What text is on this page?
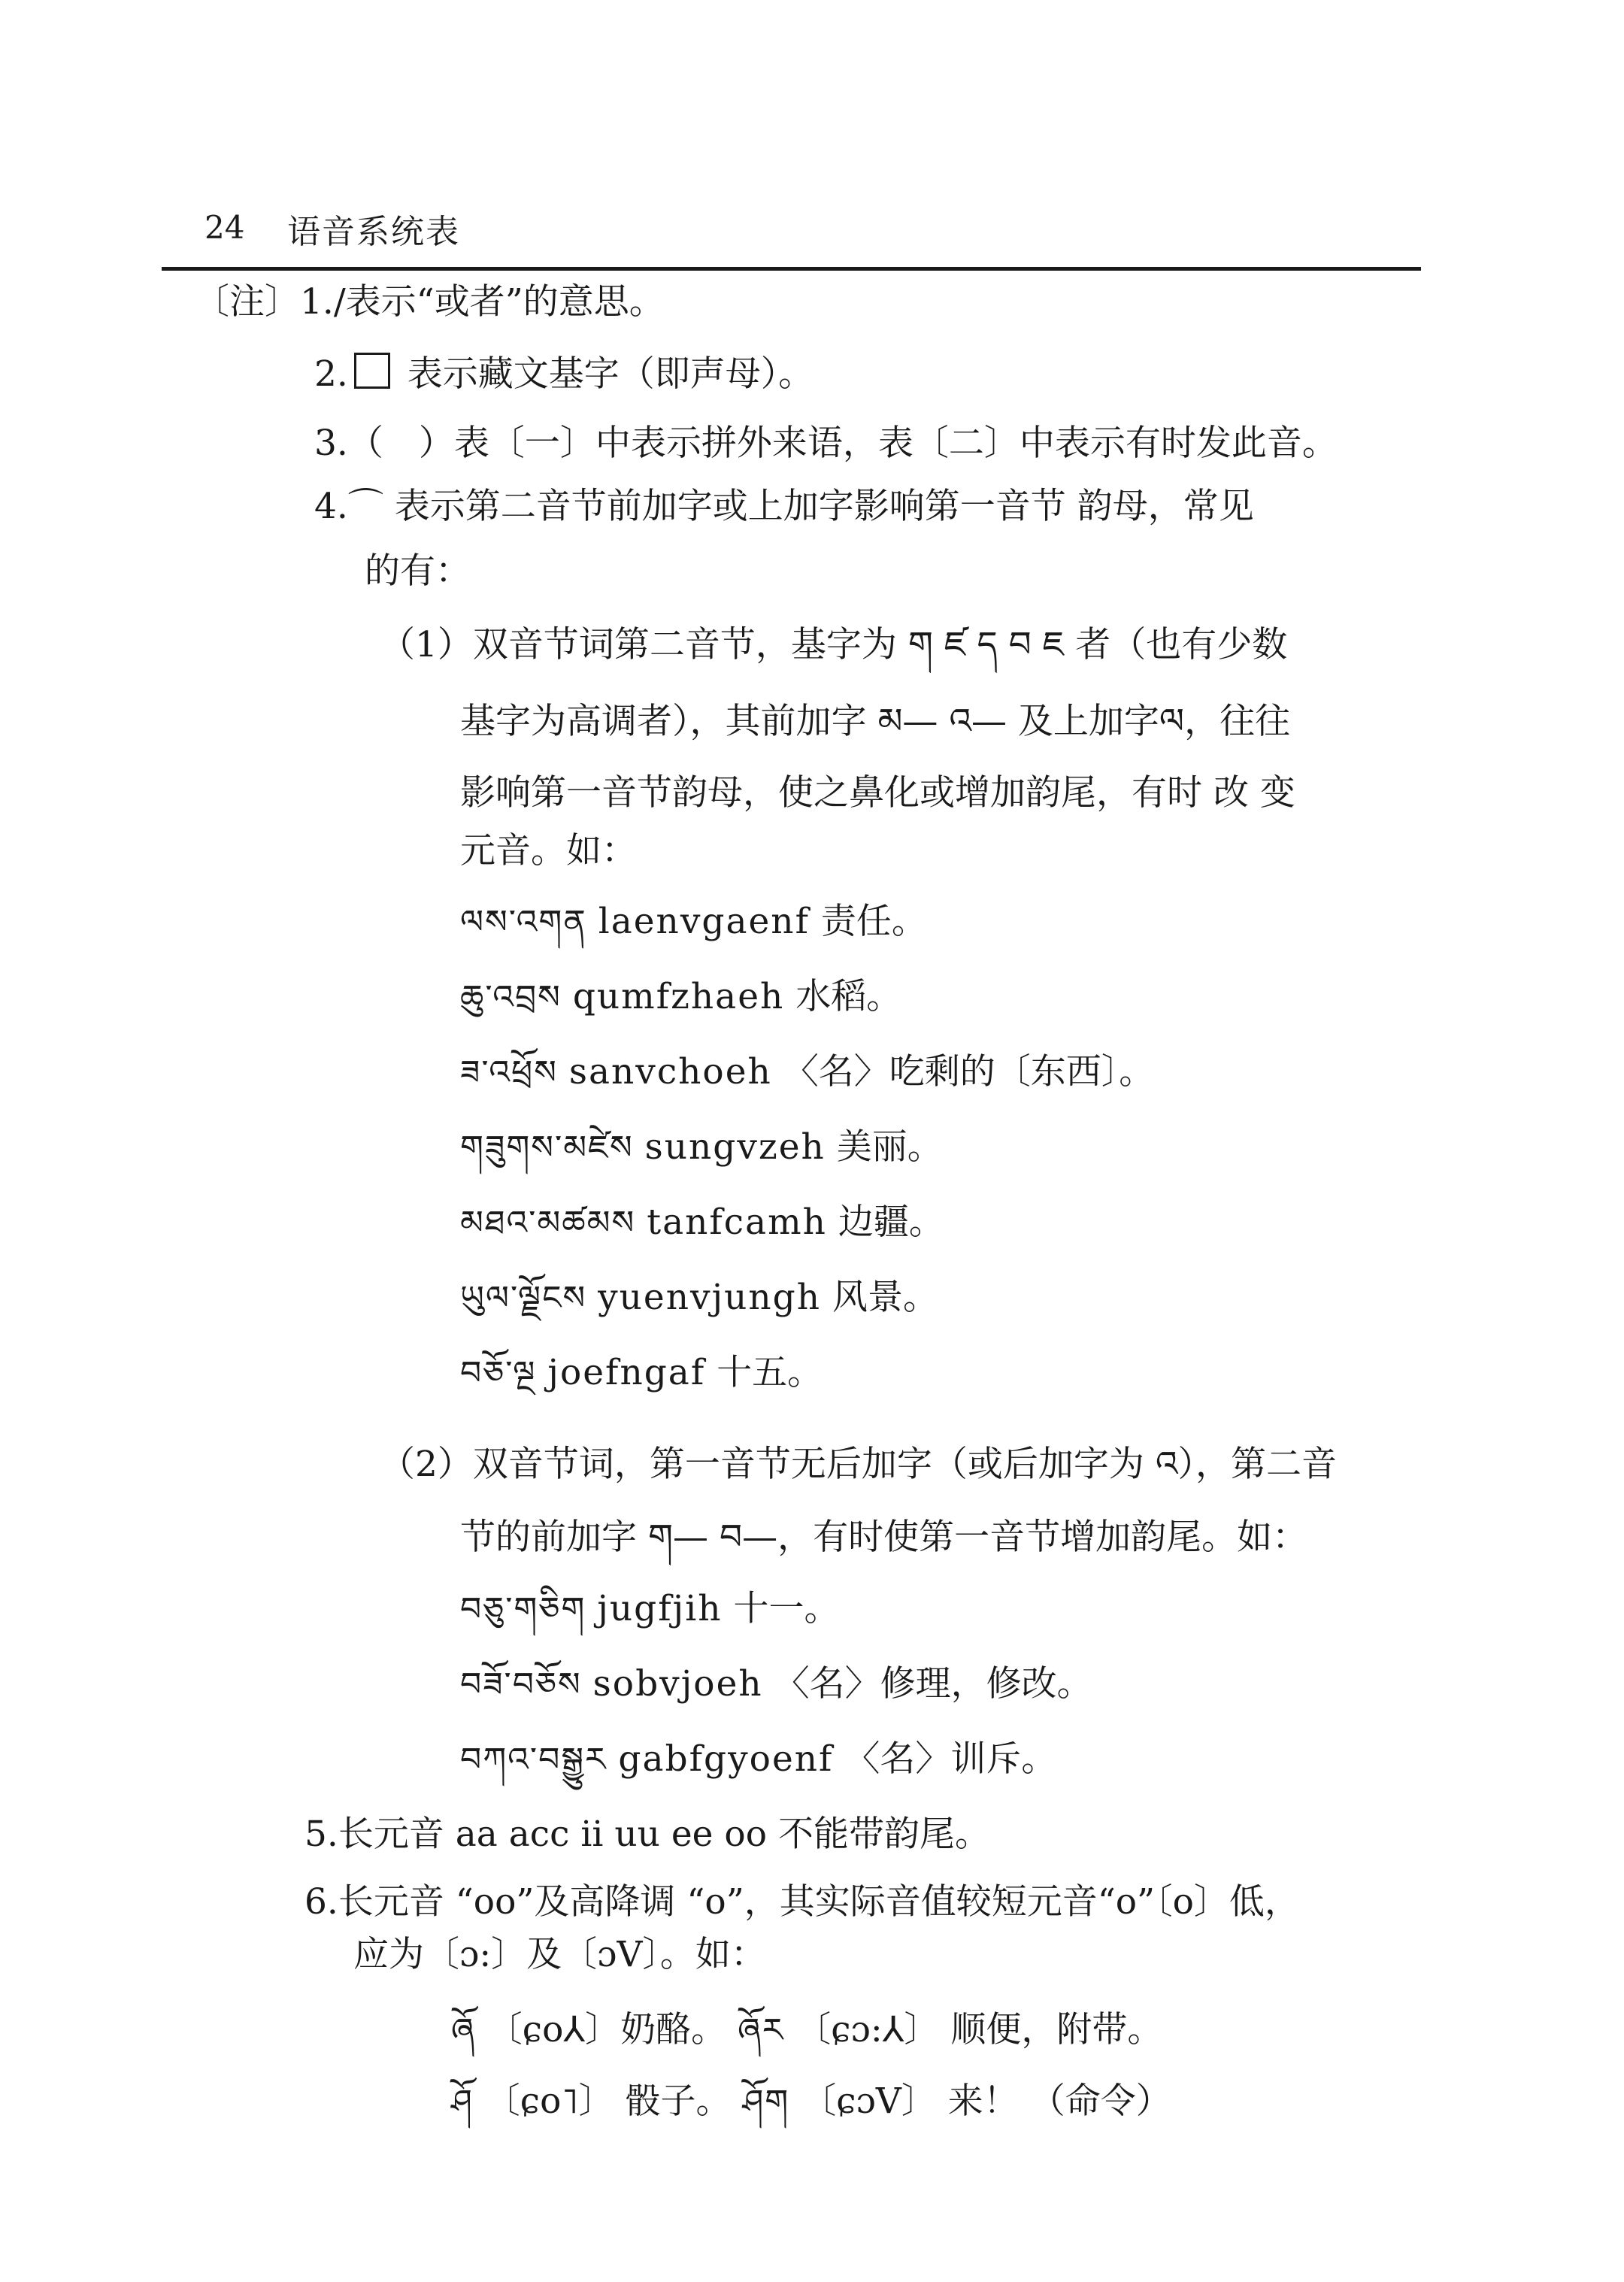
24 语音系统表
〔注〕1./表示“或者”的意思。
2. 表示藏文基字（即声母）。
3.（　）表〔一〕中表示拼外来语，表〔二〕中表示有时发此音。
4.⌒ 表示第二音节前加字或上加字影响第一音节 韵母，常见
的有：
（1）双音节词第二音节，基字为 ག ཛ ད བ ཇ 者（也有少数
基字为高调者），其前加字 མ— འ— 及上加字ལ，往往
影响第一音节韵母，使之鼻化或增加韵尾，有时 改 变
元音。如：
ལས་འགན laenvgaenf 责任。
ཆུ་འབྲས qumfzhaeh 水稻。
ཟ་འཕྲོས sanvchoeh 〈名〉吃剩的〔东西〕。
གཟུགས་མཛེས sungvzeh 美丽。
མཐའ་མཚམས tanfcamh 边疆。
ཡུལ་ལྗོངས yuenvjungh 风景。
བཅོ་ལྔ joefngaf 十五。
（2）双音节词，第一音节无后加字（或后加字为 འ），第二音
节的前加字 ག— བ—，有时使第一音节增加韵尾。如：
བཅུ་གཅིག jugfjih 十一。
བཟོ་བཅོས sobvjoeh 〈名〉修理，修改。
བཀའ་བསྒྱུར gabfgyoenf 〈名〉训斥。
5.长元音 aa acc ii uu ee oo 不能带韵尾。
6.长元音 “oo”及高降调 “o”，其实际音值较短元音“o”〔o〕低，
应为〔ɔ:〕及〔ɔV〕。如：
ཞོ 〔ɕo⅄〕奶酪。 ཞོར 〔ɕɔ:⅄〕 顺便，附带。
ཤོ 〔ɕo˥〕 骰子。 ཤོག 〔ɕɔV〕 来！ （命令）
